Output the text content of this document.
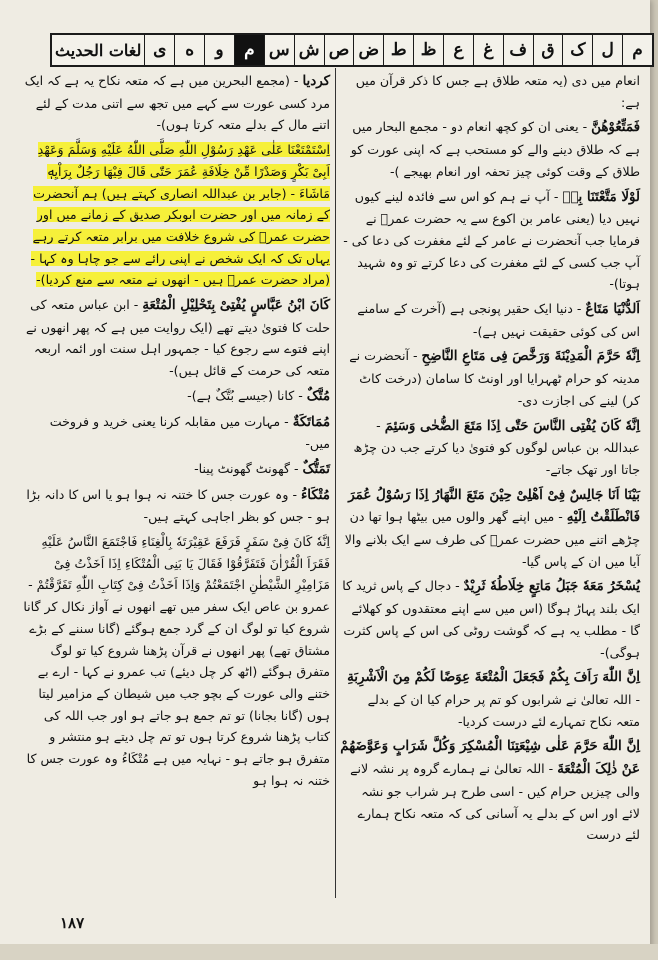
م
ل
ک
ق
ف
غ
ع
ظ
ط
ض
ص
ش
س
م
و
ه
ی
لغات الحديث

انعام میں دی (یہ متعہ طلاق ہے جس کا ذکر قرآن میں ہے:

فَمَتِّعُوْهُنَّ - یعنی ان کو کچھ انعام دو - مجمع البحار میں ہے کہ طلاق دینے والے کو مستحب ہے کہ اپنی عورت کو طلاق کے وقت کوئی چیز تحفہ اور انعام بھیجے )-

لَوْلَا مَتَّعْتَنَا بِهٖ - آپ نے ہم کو اس سے فائدہ لینے کیوں نہیں دیا (یعنی عامر بن اکوع سے یہ حضرت عمرؓ نے فرمایا جب آنحضرت نے عامر کے لئے مغفرت کی دعا کی - آپ جب کسی کے لئے مغفرت کی دعا کرتے تو وہ شہید ہوتا)-

اَلدُّنْیَا مَتَاعٌ - دنیا ایک حقیر پونجی ہے (آخرت کے سامنے اس کی کوئی حقیقت نہیں ہے)-

اِنَّهٗ حَرَّمَ الْمَدِیْنَةَ وَرَخَّصَ فِی مَتَاعِ النَّاضِحِ - آنحضرت نے مدینہ کو حرام ٹھہرایا اور اونٹ کا سامان (درخت کاٹ کر) لینے کی اجازت دی-

اِنَّهٗ کَانَ یُفْتِی النَّاسَ حَتّٰی اِذَا مَتَعَ الضُّحٰی وَسَئِمَ - عبداللہ بن عباس لوگوں کو فتویٰ دیا کرتے جب دن چڑھ جاتا اور تھک جاتے-

بَیْنَا اَنَا جَالِسٌ فِیْ اَهْلِیْ حِیْنَ مَتَعَ النَّهَارُ اِذَا رَسُوْلُ عُمَرَ فَانْطَلَقْتُ اِلَیْهِ - میں اپنے گھر والوں میں بیٹھا ہوا تھا دن چڑھے اتنے میں حضرت عمرؓ کی طرف سے ایک بلانے والا آیا میں ان کے پاس گیا-

یُسْخَرُ مَعَهٗ جَبَلُ مَاتِعٍ خِلَاطُهٗ ثَرِیْدٌ - دجال کے پاس ثرید کا ایک بلند پہاڑ ہوگا (اس میں سے اپنے معتقدوں کو کھلائے گا - مطلب یہ ہے کہ گوشت روٹی کی اس کے پاس کثرت ہوگی)-

اِنَّ اللّٰهَ رَاَفَ بِکُمْ فَجَعَلَ الْمُتْعَةَ عِوَضًا لَکُمْ مِنَ الْاَشْرِبَةِ - اللہ تعالیٰ نے شرابوں کو تم پر حرام کیا ان کے بدلے متعہ نکاح تمہارے لئے درست کردیا-

اِنَّ اللّٰهَ حَرَّمَ عَلٰی شِیْعَتِنَا الْمُسْکِرَ وَکُلَّ شَرَابٍ وَعَوَّضَهُمْ عَنْ ذٰلِکَ الْمُتْعَةَ - اللہ تعالیٰ نے ہمارے گروہ پر نشہ لانے والی چیزیں حرام کیں - اسی طرح ہر شراب جو نشہ لائے اور اس کے بدلے یہ آسانی کی کہ متعہ نکاح ہمارے لئے درست

کردیا - (مجمع البحرین میں ہے کہ متعہ نکاح یہ ہے کہ ایک مرد کسی عورت سے کہے میں تجھ سے اتنی مدت کے لئے اتنے مال کے بدلے متعہ کرتا ہوں)-

اِسْتَمْتَعْنَا عَلٰی عَهْدِ رَسُوْلِ اللّٰهِ صَلَّی اللّٰهُ عَلَیْهِ وَسَلَّمَ وَعَهْدِ اَبِیْ بَکْرٍ وَصَدْرًا مِّنْ خِلَافَةِ عُمَرَ حَتّٰی قَالَ فِیْهَا رَجُلٌ بِرَاْیِهٖ مَاشَاءَ - (جابر بن عبداللہ انصاری کہتے ہیں) ہم آنحضرت کے زمانہ میں اور حضرت ابوبکر صدیق کے زمانے میں اور حضرت عمرؓ کی شروع خلافت میں برابر متعہ کرتے رہے یہاں تک کہ ایک شخص نے اپنی رائے سے جو چاہا وہ کہا - (مراد حضرت عمرؓ ہیں - انھوں نے متعہ سے منع کردیا)-

کَانَ ابْنُ عَبَّاسٍ یُفْتِیْ بِتَحْلِیْلِ الْمُتْعَةِ - ابن عباس متعہ کی حلت کا فتویٰ دیتے تھے (ایک روایت میں ہے کہ پھر انھوں نے اپنے فتوے سے رجوع کیا - جمہور اہل سنت اور ائمہ اربعہ متعہ کی حرمت کے قائل ہیں)-

مُتَّکٌ - کانا (جیسے بُتَّکٌ ہے)-

مُمَاتَکَةٌ - مہارت میں مقابلہ کرنا یعنی خرید و فروخت میں-

تَمَتُّکٌ - گھونٹ گھونٹ پینا-

مُتْکَاءُ - وہ عورت جس کا ختنہ نہ ہوا ہو یا اس کا دانہ بڑا ہو - جس کو بظر اجاہی کہتے ہیں-

اِنَّهٗ کَانَ فِیْ سَفَرٍ فَرَفَعَ عَقِیْرَتَهٗ بِالْغِنَاءِ فَاجْتَمَعَ النَّاسُ عَلَیْهِ فَقَرَاَ الْقُرْاٰنَ فَتَفَرَّقُوْا فَقَالَ یَا بَنِی الْمُتْکَاءِ اِذَا اَخَذْتُ فِیْ مَزَامِیْرِ الشَّیْطٰنِ اجْتَمَعْتُمْ وَاِذَا اَخَذْتُ فِیْ کِتَابِ اللّٰهِ تَفَرَّقْتُمْ - عمرو بن عاص ایک سفر میں تھے انھوں نے آواز نکال کر گانا شروع کیا تو لوگ ان کے گرد جمع ہوگئے (گانا سننے کے بڑے مشتاق تھے) پھر انھوں نے قرآن پڑھنا شروع کیا تو لوگ متفرق ہوگئے (اٹھ کر چل دیئے) تب عمرو نے کہا - ارے بے ختنے والی عورت کے بچو جب میں شیطان کے مزامیر لیتا ہوں (گانا بجانا) تو تم جمع ہو جاتے ہو اور جب اللہ کی کتاب پڑھنا شروع کرتا ہوں تو تم چل دیتے ہو منتشر و متفرق ہو جاتے ہو - نہایہ میں ہے مُتْکَاءُ وہ عورت جس کا ختنہ نہ ہوا ہو

١٨٧
